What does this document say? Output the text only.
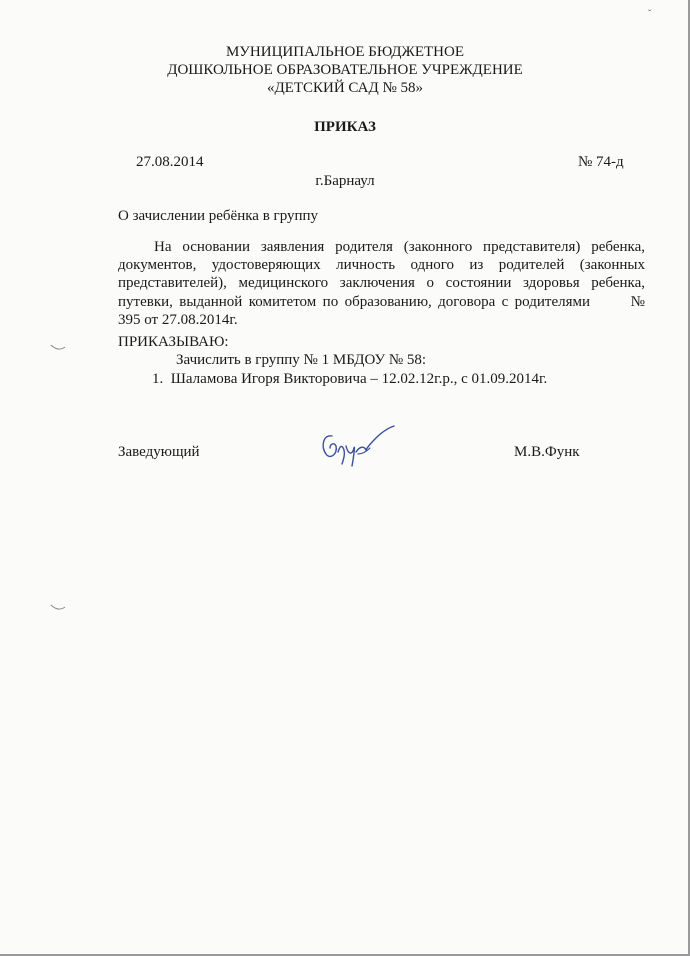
ˇ
МУНИЦИПАЛЬНОЕ БЮДЖЕТНОЕ
ДОШКОЛЬНОЕ ОБРАЗОВАТЕЛЬНОЕ УЧРЕЖДЕНИЕ
«ДЕТСКИЙ САД № 58»
ПРИКАЗ
27.08.2014	№ 74-д
г.Барнаул
О зачислении ребёнка в группу
На основании заявления родителя (законного представителя) ребенка, документов, удостоверяющих личность одного из родителей (законных представителей), медицинского заключения о состоянии здоровья ребенка, путевки, выданной комитетом по образованию, договора с родителями	№ 395 от 27.08.2014г.
ПРИКАЗЫВАЮ:
Зачислить в группу № 1 МБДОУ № 58:
1. Шаламова Игоря Викторовича – 12.02.12г.р., с 01.09.2014г.
Заведующий	М.В.Функ
